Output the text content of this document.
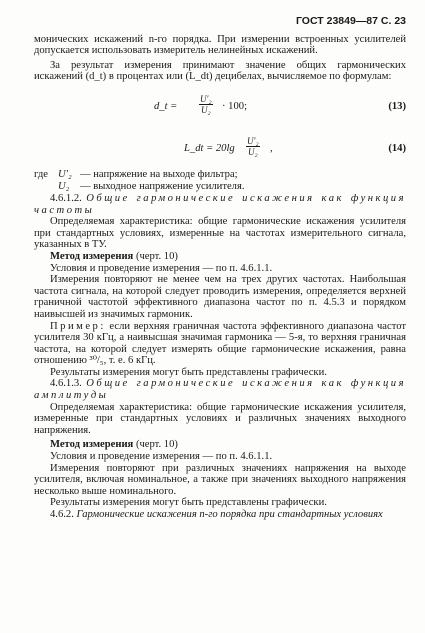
ГОСТ 23849—87 С. 23

монических искажений n-го порядка. При измерении встроенных усилителей допускается использовать измеритель нелинейных искажений.

За результат измерения принимают значение общих гармонических искажений (d_t) в процентах или (L_dt) децибелах, вычисляемое по формулам:

d_t = $\frac{\text{U′₂}}{\text{U₂}} \cdot 100$;	(13)
L_dt = $20\lg \frac{\text{U′₂}}{\text{U₂}}$ ,	(14)
где U′₂ — напряжение на выходе фильтра;
U₂ — выходное напряжение усилителя.

4.6.1.2. Общие гармонические искажения как функция частоты

Определяемая характеристика: общие гармонические искажения усилителя при стандартных условиях, измеренные на частотах измерительного сигнала, указанных в ТУ.

Метод измерения (черт. 10)

Условия и проведение измерения — по п. 4.6.1.1.

Измерения повторяют не менее чем на трех других частотах. Наибольшая частота сигнала, на которой следует проводить измерения, определяется верхней граничной частотой эффективного диапазона частот по п. 4.5.3 и порядком наивысшей из значимых гармоник.

Пример: если верхняя граничная частота эффективного диапазона частот усилителя 30 кГц, а наивысшая значимая гармоника — 5-я, то верхняя граничная частота, на которой следует измерять общие гармонические искажения, равна отношению ³⁰/₅, т. е. 6 кГц.

Результаты измерения могут быть представлены графически.

4.6.1.3. Общие гармонические искажения как функция амплитуды

Определяемая характеристика: общие гармонические искажения усилителя, измеренные при стандартных условиях и различных значениях выходного напряжения.

Метод измерения (черт. 10)

Условия и проведение измерения — по п. 4.6.1.1.

Измерения повторяют при различных значениях напряжения на выходе усилителя, включая номинальное, а также при значениях выходного напряжения несколько выше номинального.

Результаты измерения могут быть представлены графически.

4.6.2. Гармонические искажения n-го порядка при стандартных условиях
